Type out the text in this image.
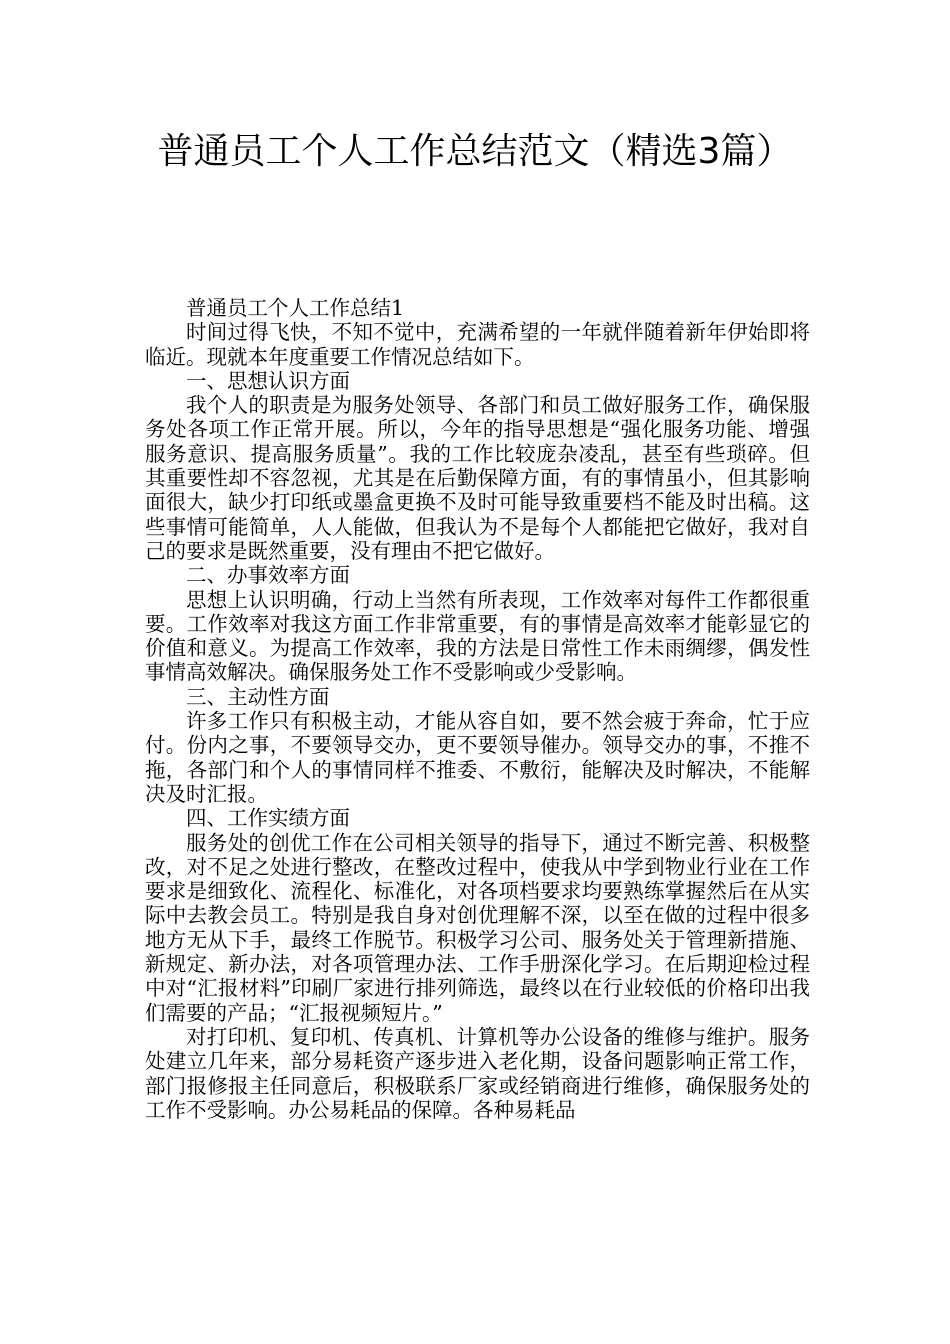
普通员工个人工作总结范文（精选3篇）

普通员工个人工作总结1

时间过得飞快，不知不觉中，充满希望的一年就伴随着新年伊始即将临近。现就本年度重要工作情况总结如下。

一、思想认识方面

我个人的职责是为服务处领导、各部门和员工做好服务工作，确保服务处各项工作正常开展。所以，今年的指导思想是“强化服务功能、增强服务意识、提高服务质量”。我的工作比较庞杂凌乱，甚至有些琐碎。但其重要性却不容忽视，尤其是在后勤保障方面，有的事情虽小，但其影响面很大，缺少打印纸或墨盒更换不及时可能导致重要档不能及时出稿。这些事情可能简单，人人能做，但我认为不是每个人都能把它做好，我对自己的要求是既然重要，没有理由不把它做好。

二、办事效率方面

思想上认识明确，行动上当然有所表现，工作效率对每件工作都很重要。工作效率对我这方面工作非常重要，有的事情是高效率才能彰显它的价值和意义。为提高工作效率，我的方法是日常性工作未雨绸缪，偶发性事情高效解决。确保服务处工作不受影响或少受影响。

三、主动性方面

许多工作只有积极主动，才能从容自如，要不然会疲于奔命，忙于应付。份内之事，不要领导交办，更不要领导催办。领导交办的事，不推不拖，各部门和个人的事情同样不推委、不敷衍，能解决及时解决，不能解决及时汇报。

四、工作实绩方面

服务处的创优工作在公司相关领导的指导下，通过不断完善、积极整改，对不足之处进行整改，在整改过程中，使我从中学到物业行业在工作要求是细致化、流程化、标准化，对各项档要求均要熟练掌握然后在从实际中去教会员工。特别是我自身对创优理解不深，以至在做的过程中很多地方无从下手，最终工作脱节。积极学习公司、服务处关于管理新措施、新规定、新办法，对各项管理办法、工作手册深化学习。在后期迎检过程中对“汇报材料”印刷厂家进行排列筛选，最终以在行业较低的价格印出我们需要的产品；“汇报视频短片。”

对打印机、复印机、传真机、计算机等办公设备的维修与维护。服务处建立几年来，部分易耗资产逐步进入老化期，设备问题影响正常工作，部门报修报主任同意后，积极联系厂家或经销商进行维修，确保服务处的工作不受影响。办公易耗品的保障。各种易耗品
